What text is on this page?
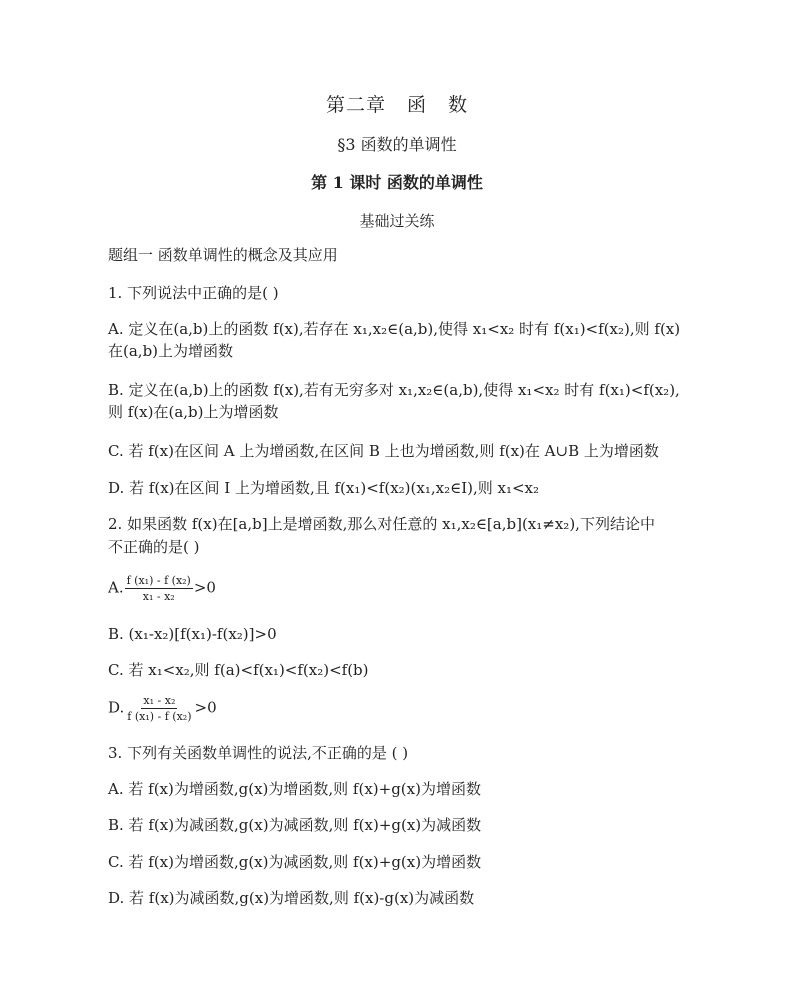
第二章 函 数
§3 函数的单调性
第 1 课时 函数的单调性
基础过关练
题组一 函数单调性的概念及其应用
1. 下列说法中正确的是( )
A. 定义在(a,b)上的函数 f(x),若存在 x₁,x₂∈(a,b),使得 x₁<x₂ 时有 f(x₁)<f(x₂),则 f(x)
在(a,b)上为增函数
B. 定义在(a,b)上的函数 f(x),若有无穷多对 x₁,x₂∈(a,b),使得 x₁<x₂ 时有 f(x₁)<f(x₂),
则 f(x)在(a,b)上为增函数
C. 若 f(x)在区间 A 上为增函数,在区间 B 上也为增函数,则 f(x)在 A∪B 上为增函数
D. 若 f(x)在区间 I 上为增函数,且 f(x₁)<f(x₂)(x₁,x₂∈I),则 x₁<x₂
2. 如果函数 f(x)在[a,b]上是增函数,那么对任意的 x₁,x₂∈[a,b](x₁≠x₂),下列结论中
不正确的是( )
A. $\frac{\text{f (x₁) - f (x₂)}}{\text{x₁ - x₂}} >0$
B. (x₁-x₂)[f(x₁)-f(x₂)]>0
C. 若 x₁<x₂,则 f(a)<f(x₁)<f(x₂)<f(b)
D. $\frac{\text{x₁ - x₂}}{\text{f (x₁) - f (x₂)}} >0$
3. 下列有关函数单调性的说法,不正确的是 ( )
A. 若 f(x)为增函数,g(x)为增函数,则 f(x)+g(x)为增函数
B. 若 f(x)为减函数,g(x)为减函数,则 f(x)+g(x)为减函数
C. 若 f(x)为增函数,g(x)为减函数,则 f(x)+g(x)为增函数
D. 若 f(x)为减函数,g(x)为增函数,则 f(x)-g(x)为减函数
